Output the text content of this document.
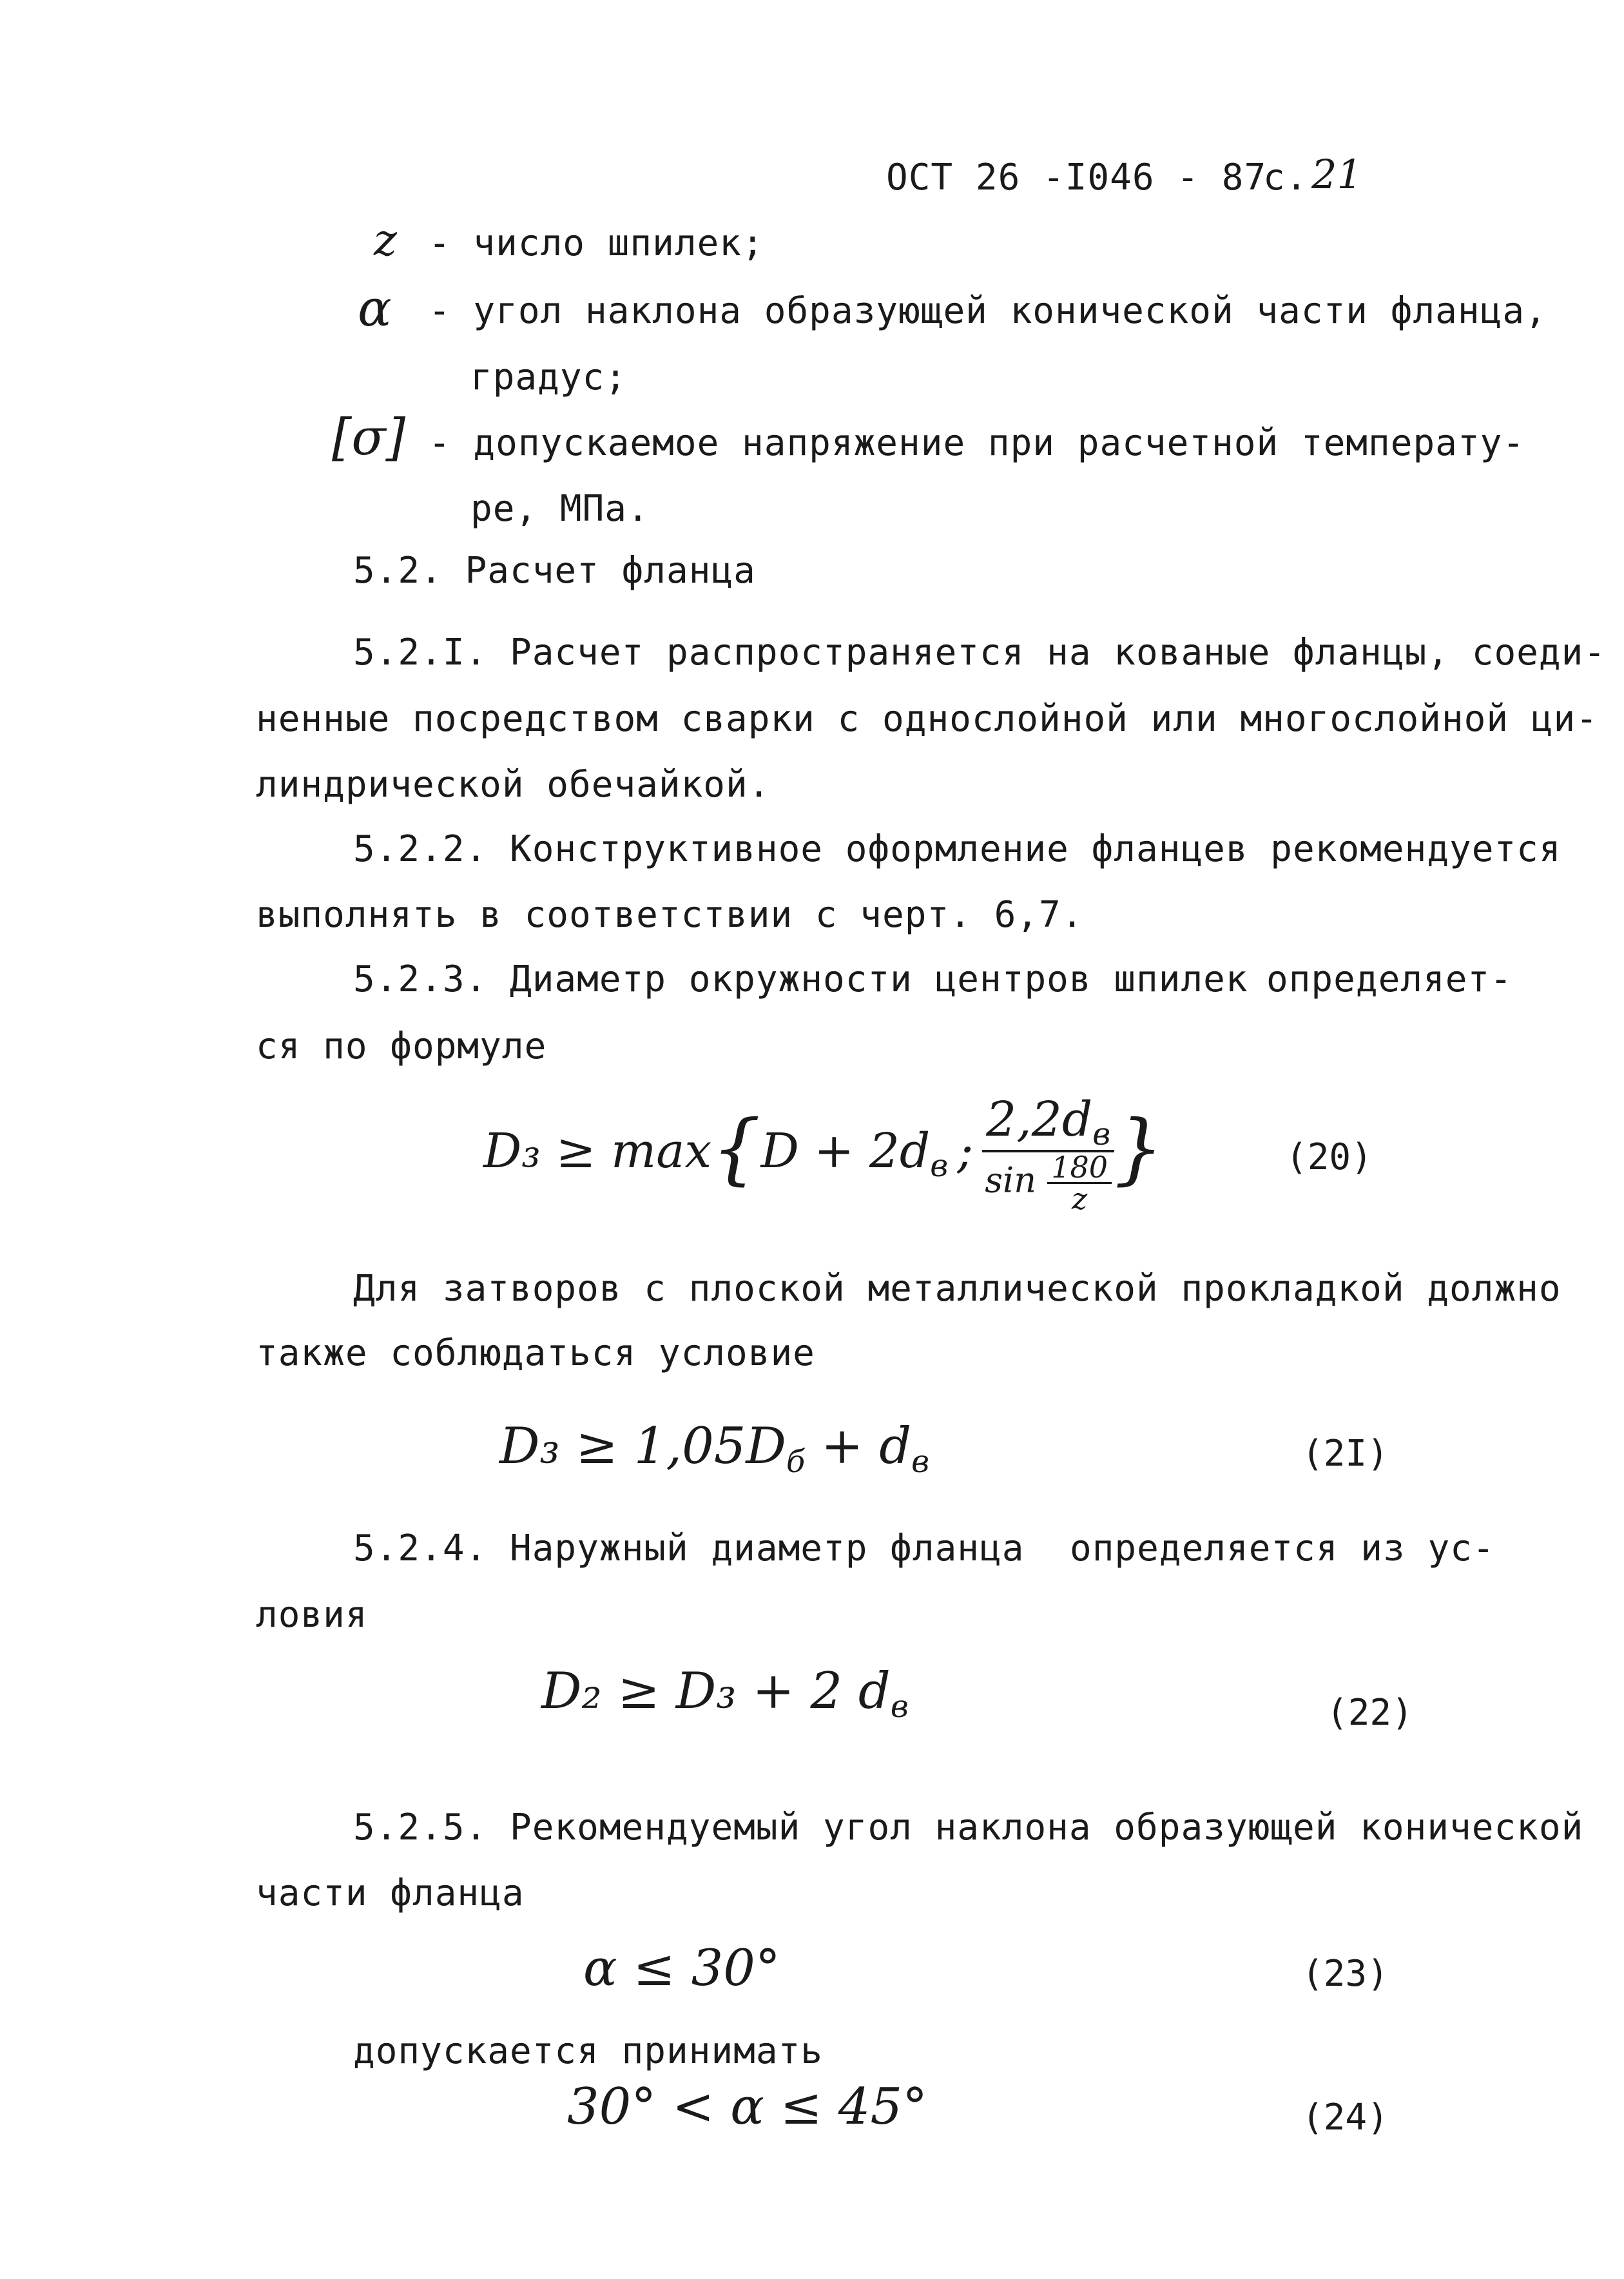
ОСТ 26 -I046 - 87
с. 21
z - число шпилек;
α - угол наклона образующей конической части фланца,
градус;
[σ] - допускаемое напряжение при расчетной температу-
ре, МПа.
5.2. Расчет фланца
5.2.I. Расчет распространяется на кованые фланцы, соеди-
ненные посредством сварки с однослойной или многослойной ци-
линдрической обечайкой.
5.2.2. Конструктивное оформление фланцев рекомендуется
выполнять в соответствии с черт. 6,7.
5.2.3. Диаметр окружности центров шпилек определяет-
ся по формуле
$D_3 \ge \max\{D + 2d_в$ ; $\frac{2,2d_в}{\sin \frac{180}{z}}$ }	(20)
Для затворов с плоской металлической прокладкой должно
также соблюдаться условие
$D_3 \ge 1,05D_б + d_в$	(2I)
5.2.4. Наружный диаметр фланца определяется из ус-
ловия
D₂ ≥ D₃ + 2 $d_в$	(22)
5.2.5. Рекомендуемый угол наклона образующей конической
части фланца
α ≤ 30°	(23)
допускается принимать
30° < α ≤ 45°	(24)
